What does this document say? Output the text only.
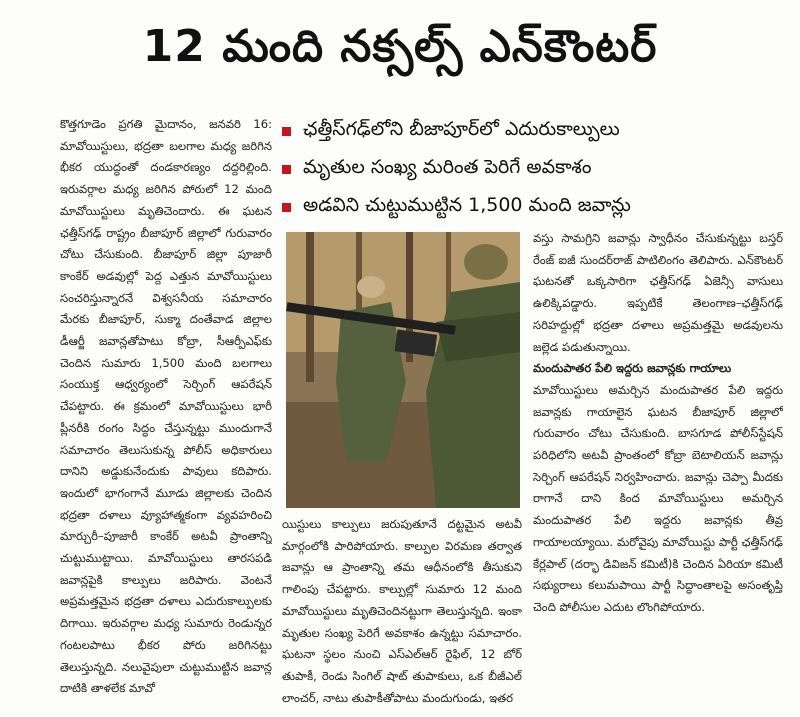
12 మంది నక్సల్స్ ఎన్‌కౌంటర్
ఛత్తీస్‌గఢ్‌లోని బీజాపూర్‌లో ఎదురుకాల్పులు
మృతుల సంఖ్య మరింత పెరిగే అవకాశం
అడవిని చుట్టుముట్టిన 1,500 మంది జవాన్లు

కొత్తగూడెం ప్రగతి మైదానం, జనవరి 16: మావోయిస్టులు, భద్రతా బలగాల మధ్య జరిగిన భీకర యుద్ధంతో దండకారణ్యం దద్దరిల్లింది. ఇరువర్గాల మధ్య జరిగిన పోరులో 12 మంది మావోయిస్టులు మృతిచెందారు. ఈ ఘటన ఛత్తీస్‌గఢ్ రాష్ట్రం బీజాపూర్ జిల్లాలో గురువారం చోటు చేసుకుంది. బీజాపూర్ జిల్లా పూజారీ కాంకేర్ అడవుల్లో పెద్ద ఎత్తున మావోయిస్టులు సంచరిస్తున్నారనే విశ్వసనీయ సమాచారం మేరకు బీజాపూర్, సుక్మా దంతేవాడ జిల్లాల డీఆర్జీ జవాన్లతోపాటు కోబ్రా, సీఆర్పీఎఫ్‌కు చెందిన సుమారు 1,500 మంది బలగాలు సంయుక్త ఆధ్వర్యంలో సెర్చింగ్ ఆపరేషన్ చేపట్టారు. ఈ క్రమంలో మావోయిస్టులు భారీ ప్లీనరీకి రంగం సిద్ధం చేస్తున్నట్టు ముందుగానే సమాచారం తెలుసుకున్న పోలీస్ అధికారులు దానిని అడ్డుకునేందుకు పావులు కదిపారు. ఇందులో భాగంగానే మూడు జిల్లాలకు చెందిన భద్రతా దళాలు వ్యూహాత్మకంగా వ్యవహరించి మార్చురీ–పూజారీ కాంకేర్ అటవీ ప్రాంతాన్ని చుట్టుముట్టాయి. మావోయిస్టులు తారసపడి జవాన్లపైకి కాల్పులు జరిపారు. వెంటనే అప్రమత్తమైన భద్రతా దళాలు ఎదురుకాల్పులకు దిగాయి. ఇరువర్గాల మధ్య సుమారు రెండున్నర గంటలపాటు భీకర పోరు జరిగినట్టు తెలుస్తున్నది. నలువైపులా చుట్టుముట్టిన జవాన్ల దాటికి తాళలేక మావో

యిస్టులు కాల్పులు జరుపుతూనే దట్టమైన అటవీ మార్గంలోకి పారిపోయారు. కాల్పుల విరమణ తర్వాత జవాన్లు ఆ ప్రాంతాన్ని తమ ఆధీనంలోకి తీసుకుని గాలింపు చేపట్టారు. కాల్పుల్లో సుమారు 12 మంది మావోయిస్టులు మృతిచెందినట్టుగా తెలుస్తున్నది. ఇంకా మృతుల సంఖ్య పెరిగే అవకాశం ఉన్నట్టు సమాచారం. ఘటనా స్థలం నుంచి ఎస్ఎల్ఆర్ రైఫిల్, 12 బోర్ తుపాకీ, రెండు సింగిల్ షాట్ తుపాకులు, ఒక బీజీఎల్ లాంచర్, నాటు తుపాకీతోపాటు మందుగుండు, ఇతర

వస్తు సామగ్రిని జవాన్లు స్వాధీనం చేసుకున్నట్టు బస్తర్ రేంజ్ ఐజీ సుందర్‌రాజ్ పాటిలింగం తెలిపారు. ఎన్‌కౌంటర్ ఘటనతో ఒక్కసారిగా ఛత్తీస్‌గఢ్ ఏజెన్సీ వాసులు ఉలిక్కిపడ్డారు. ఇప్పటికే తెలంగాణ–ఛత్తీస్‌గఢ్ సరిహద్దుల్లో భద్రతా దళాలు అప్రమత్తమై అడవులను జల్లెడ పడుతున్నాయి.

మందుపాతర పేలి ఇద్దరు జవాన్లకు గాయాలు

మావోయిస్టులు అమర్చిన మందుపాతర పేలి ఇద్దరు జవాన్లకు గాయాలైన ఘటన బీజాపూర్ జిల్లాలో గురువారం చోటు చేసుకుంది. బాసగూడ పోలీస్‌స్టేషన్ పరిధిలోని అటవీ ప్రాంతంలో కోబ్రా బెటాలియన్ జవాన్లు సెర్చింగ్ ఆపరేషన్ నిర్వహించారు. జవాన్లు చెప్పా మీదకు రాగానే దాని కింద మావోయిస్టులు అమర్చిన మందుపాతర పేలి ఇద్దరు జవాన్లకు తీవ్ర గాయాలయ్యాయి. మరోవైపు మావోయిస్టు పార్టీ ఛత్తీస్‌గఢ్ కేర్లపాల్ (దర్భా డివిజన్ కమిటీ)కి చెందిన ఏరియా కమిటీ సభ్యురాలు కలుమపాయి పార్టీ సిద్ధాంతాలపై అసంతృప్తి చెంది పోలీసుల ఎదుట లొంగిపోయారు.
